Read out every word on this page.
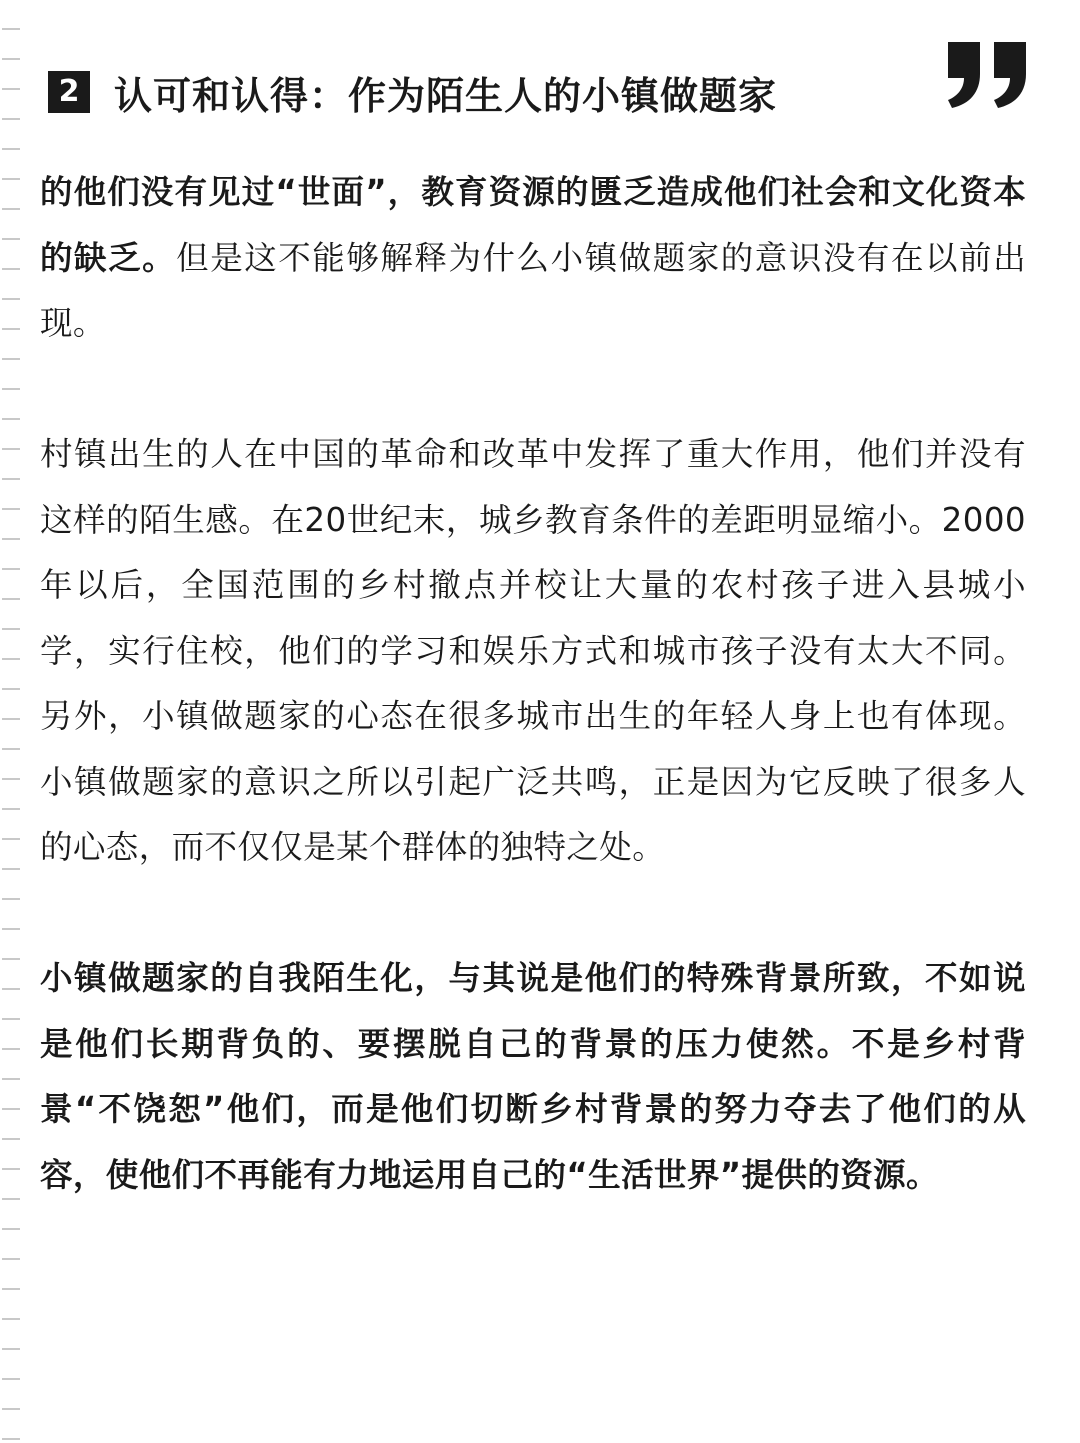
2 认可和认得：作为陌生人的小镇做题家

的他们没有见过“世面”，教育资源的匮乏造成他们社会和文化资本的缺乏。但是这不能够解释为什么小镇做题家的意识没有在以前出现。

村镇出生的人在中国的革命和改革中发挥了重大作用，他们并没有这样的陌生感。在20世纪末，城乡教育条件的差距明显缩小。2000年以后，全国范围的乡村撤点并校让大量的农村孩子进入县城小学，实行住校，他们的学习和娱乐方式和城市孩子没有太大不同。另外，小镇做题家的心态在很多城市出生的年轻人身上也有体现。小镇做题家的意识之所以引起广泛共鸣，正是因为它反映了很多人的心态，而不仅仅是某个群体的独特之处。

小镇做题家的自我陌生化，与其说是他们的特殊背景所致，不如说是他们长期背负的、要摆脱自己的背景的压力使然。不是乡村背景“不饶恕”他们，而是他们切断乡村背景的努力夺去了他们的从容，使他们不再能有力地运用自己的“生活世界”提供的资源。
